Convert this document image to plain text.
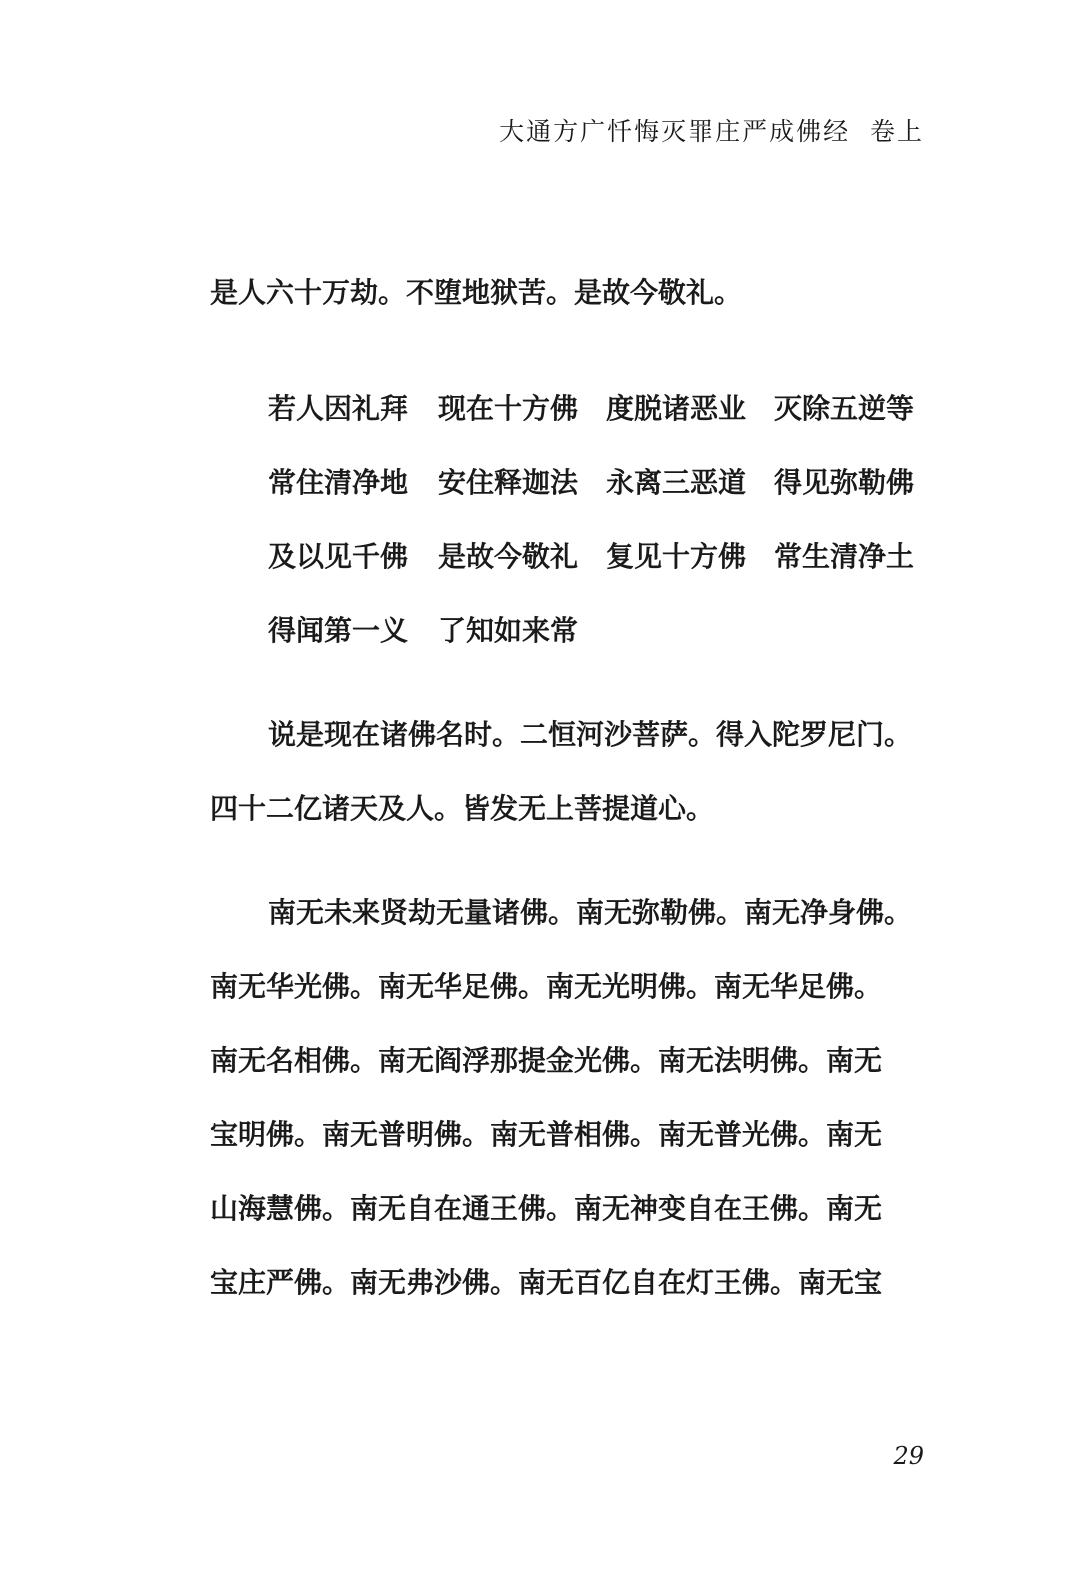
大通方广忏悔灭罪庄严成佛经 卷上
是人六十万劫。不堕地狱苦。是故今敬礼。
若人因礼拜 现在十方佛 度脱诸恶业 灭除五逆等
常住清净地 安住释迦法 永离三恶道 得见弥勒佛
及以见千佛 是故今敬礼 复见十方佛 常生清净土
得闻第一义 了知如来常
说是现在诸佛名时。二恒河沙菩萨。得入陀罗尼门。
四十二亿诸天及人。皆发无上菩提道心。
南无未来贤劫无量诸佛。南无弥勒佛。南无净身佛。
南无华光佛。南无华足佛。南无光明佛。南无华足佛。
南无名相佛。南无阎浮那提金光佛。南无法明佛。南无
宝明佛。南无普明佛。南无普相佛。南无普光佛。南无
山海慧佛。南无自在通王佛。南无神变自在王佛。南无
宝庄严佛。南无弗沙佛。南无百亿自在灯王佛。南无宝
29
